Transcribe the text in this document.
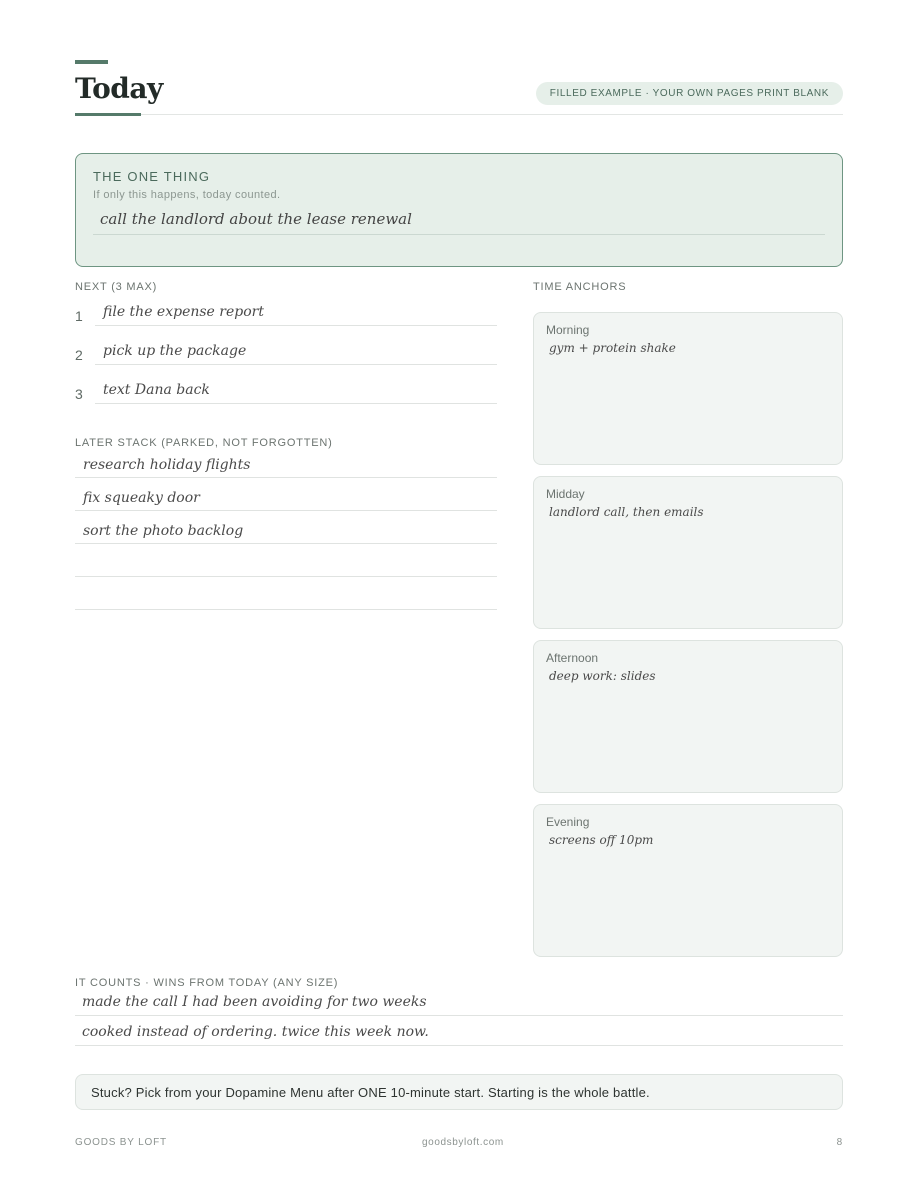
Today	FILLED EXAMPLE · YOUR OWN PAGES PRINT BLANK
THE ONE THING
If only this happens, today counted.
call the landlord about the lease renewal
NEXT (3 MAX)
1 file the expense report
2 pick up the package
3 text Dana back
LATER STACK (PARKED, NOT FORGOTTEN)
research holiday flights
fix squeaky door
sort the photo backlog
TIME ANCHORS
Morning
gym + protein shake
Midday
landlord call, then emails
Afternoon
deep work: slides
Evening
screens off 10pm
IT COUNTS · WINS FROM TODAY (ANY SIZE)
made the call I had been avoiding for two weeks
cooked instead of ordering. twice this week now.
Stuck? Pick from your Dopamine Menu after ONE 10-minute start. Starting is the whole battle.
GOODS BY LOFT	goodsbyloft.com	8
